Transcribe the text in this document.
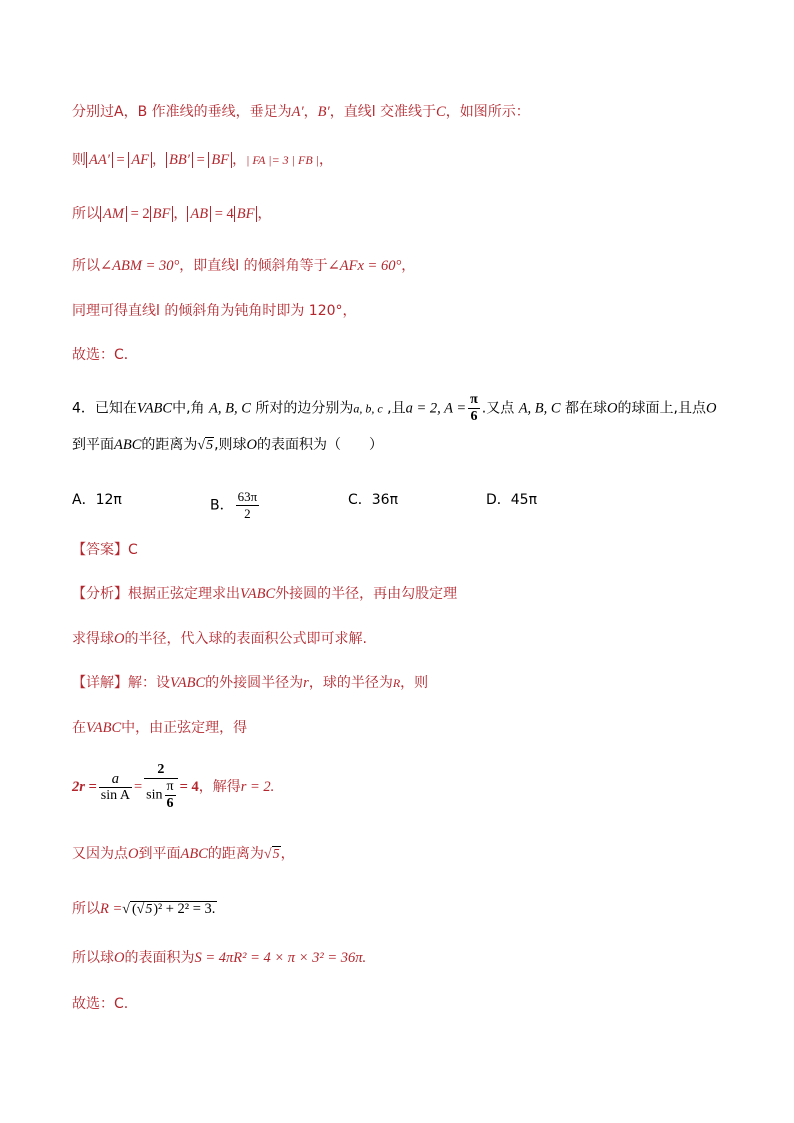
分别过A，B 作准线的垂线，垂足为A′，B′，直线l 交准线于C，如图所示：
则 AA′ = AF ， BB′ = BF ，| FA |= 3 | FB |，
所以 AM = 2 BF ， AB = 4 BF ，
所以∠ABM = 30°，即直线l 的倾斜角等于∠AFx = 60°，
同理可得直线l 的倾斜角为钝角时即为 120°，
故选：C．
4．已知在VABC中,角 A, B, C 所对的边分别为a, b, c ,且a = 2, $A = \frac{\pi}{6}$ .又点 A, B, C 都在球O的球面上,且点O
到平面ABC的距离为√5,则球O的表面积为（　　）
A．12π	B． $\frac{63\pi}{2}$	C．36π	D．45π
【答案】C
【分析】根据正弦定理求出VABC外接圆的半径，再由勾股定理
求得球O的半径，代入球的表面积公式即可求解.
【详解】解：设VABC的外接圆半径为r，球的半径为R，则
在VABC中，由正弦定理，得
$2r = \frac{a}{\text{sin A}} = \frac{2}{\sin \frac{\pi}{6}} = 4$，解得r = 2.
又因为点O到平面ABC的距离为√5，
所以R =√ (√5)² + 2² = 3.
所以球O的表面积为S = 4πR² = 4 × π × 3² = 36π.
故选：C.
